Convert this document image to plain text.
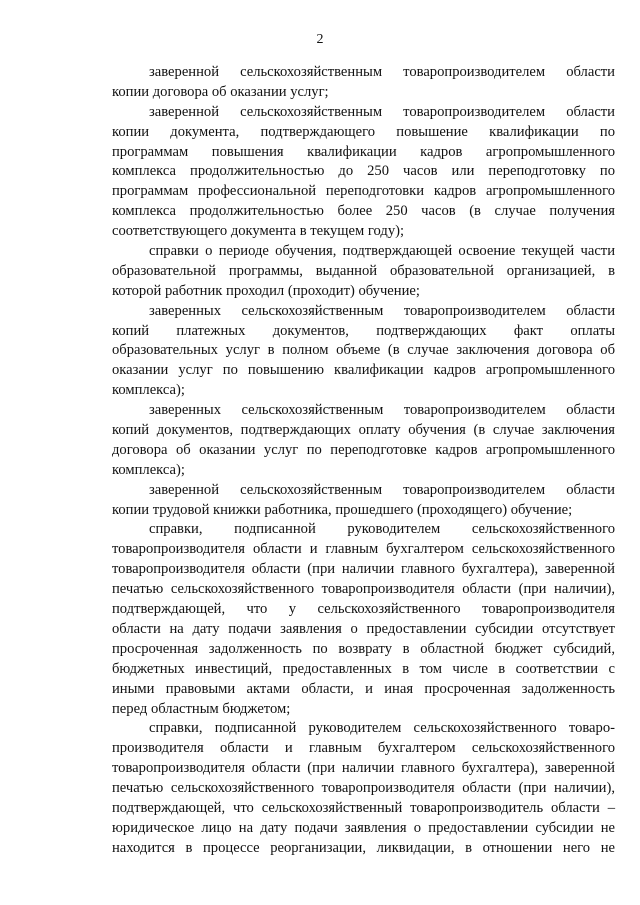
2
заверенной сельскохозяйственным товаропроизводителем области
копии договора об оказании услуг;
заверенной сельскохозяйственным товаропроизводителем области
копии документа, подтверждающего повышение квалификации по
программам повышения квалификации кадров агропромышленного
комплекса продолжительностью до 250 часов или переподготовку по
программам профессиональной переподготовки кадров агропромышленного
комплекса продолжительностью более 250 часов (в случае получения
соответствующего документа в текущем году);
справки о периоде обучения, подтверждающей освоение текущей части
образовательной программы, выданной образовательной организацией, в
которой работник проходил (проходит) обучение;
заверенных сельскохозяйственным товаропроизводителем области
копий платежных документов, подтверждающих факт оплаты
образовательных услуг в полном объеме (в случае заключения договора об
оказании услуг по повышению квалификации кадров агропромышленного
комплекса);
заверенных сельскохозяйственным товаропроизводителем области
копий документов, подтверждающих оплату обучения (в случае заключения
договора об оказании услуг по переподготовке кадров агропромышленного
комплекса);
заверенной сельскохозяйственным товаропроизводителем области
копии трудовой книжки работника, прошедшего (проходящего) обучение;
справки, подписанной руководителем сельскохозяйственного
товаропроизводителя области и главным бухгалтером сельскохозяйственного
товаропроизводителя области (при наличии главного бухгалтера), заверенной
печатью сельскохозяйственного товаропроизводителя области (при наличии),
подтверждающей, что у сельскохозяйственного товаропроизводителя
области на дату подачи заявления о предоставлении субсидии отсутствует
просроченная задолженность по возврату в областной бюджет субсидий,
бюджетных инвестиций, предоставленных в том числе в соответствии с
иными правовыми актами области, и иная просроченная задолженность
перед областным бюджетом;
справки, подписанной руководителем сельскохозяйственного товаро-
производителя области и главным бухгалтером сельскохозяйственного
товаропроизводителя области (при наличии главного бухгалтера), заверенной
печатью сельскохозяйственного товаропроизводителя области (при наличии),
подтверждающей, что сельскохозяйственный товаропроизводитель области –
юридическое лицо на дату подачи заявления о предоставлении субсидии не
находится в процессе реорганизации, ликвидации, в отношении него не
